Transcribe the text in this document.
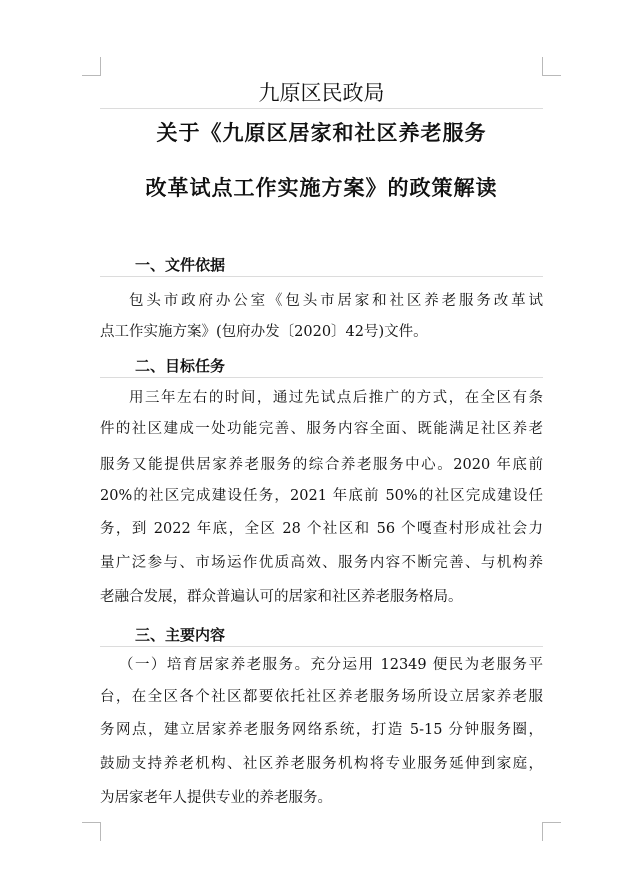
九原区民政局
关于《九原区居家和社区养老服务
改革试点工作实施方案》的政策解读
一、文件依据
包头市政府办公室《包头市居家和社区养老服务改革试
点工作实施方案》(包府办发〔2020〕42号)文件。
二、目标任务
用三年左右的时间，通过先试点后推广的方式，在全区有条
件的社区建成一处功能完善、服务内容全面、既能满足社区养老
服务又能提供居家养老服务的综合养老服务中心。2020 年底前
20%的社区完成建设任务，2021 年底前 50%的社区完成建设任
务，到 2022 年底，全区 28 个社区和 56 个嘎查村形成社会力
量广泛参与、市场运作优质高效、服务内容不断完善、与机构养
老融合发展，群众普遍认可的居家和社区养老服务格局。
三、主要内容
（一）培育居家养老服务。充分运用 12349 便民为老服务平
台，在全区各个社区都要依托社区养老服务场所设立居家养老服
务网点，建立居家养老服务网络系统，打造 5-15 分钟服务圈，
鼓励支持养老机构、社区养老服务机构将专业服务延伸到家庭，
为居家老年人提供专业的养老服务。
